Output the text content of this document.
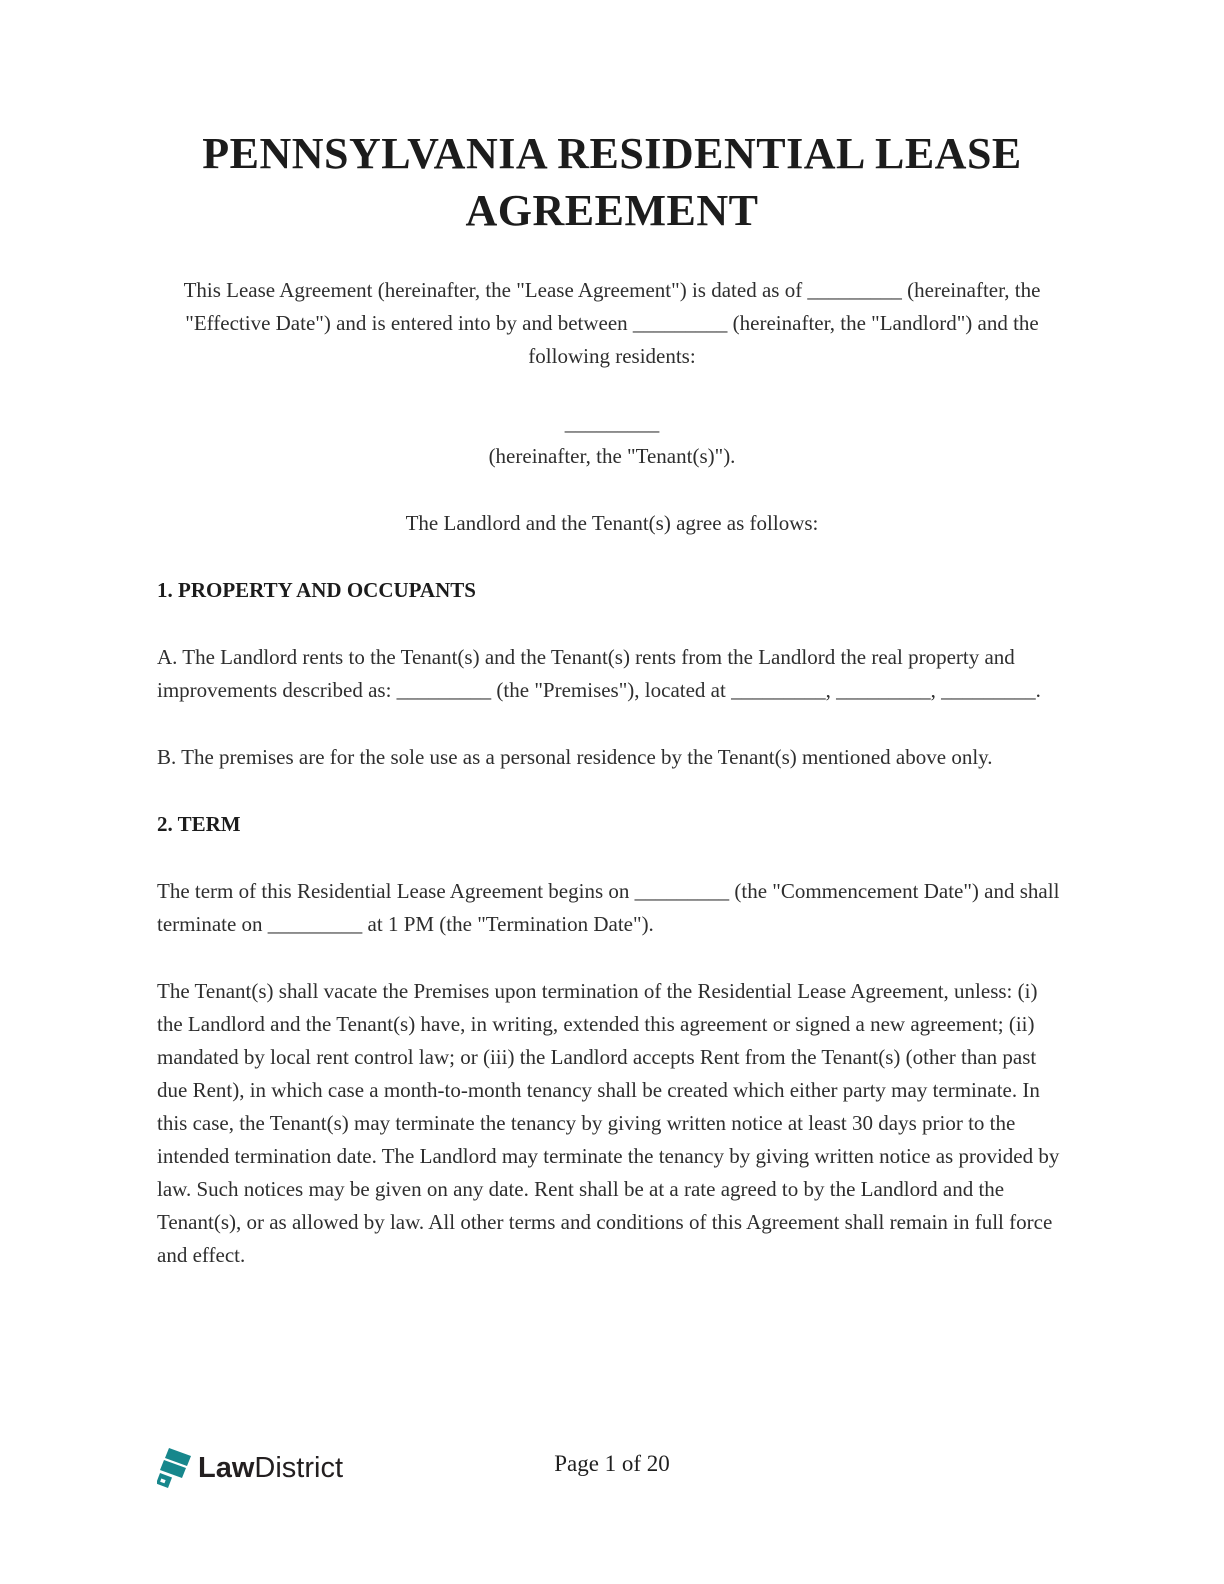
PENNSYLVANIA RESIDENTIAL LEASE
AGREEMENT

This Lease Agreement (hereinafter, the "Lease Agreement") is dated as of _________ (hereinafter, the "Effective Date") and is entered into by and between _________ (hereinafter, the "Landlord") and the following residents:

_________
(hereinafter, the "Tenant(s)").

The Landlord and the Tenant(s) agree as follows:

1. PROPERTY AND OCCUPANTS

A. The Landlord rents to the Tenant(s) and the Tenant(s) rents from the Landlord the real property and improvements described as: _________ (the "Premises"), located at _________, _________, _________.

B. The premises are for the sole use as a personal residence by the Tenant(s) mentioned above only.

2. TERM

The term of this Residential Lease Agreement begins on _________ (the "Commencement Date") and shall terminate on _________ at 1 PM (the "Termination Date").

The Tenant(s) shall vacate the Premises upon termination of the Residential Lease Agreement, unless: (i) the Landlord and the Tenant(s) have, in writing, extended this agreement or signed a new agreement; (ii) mandated by local rent control law; or (iii) the Landlord accepts Rent from the Tenant(s) (other than past due Rent), in which case a month-to-month tenancy shall be created which either party may terminate. In this case, the Tenant(s) may terminate the tenancy by giving written notice at least 30 days prior to the intended termination date. The Landlord may terminate the tenancy by giving written notice as provided by law. Such notices may be given on any date. Rent shall be at a rate agreed to by the Landlord and the Tenant(s), or as allowed by law. All other terms and conditions of this Agreement shall remain in full force and effect.

LawDistrict	Page 1 of 20
